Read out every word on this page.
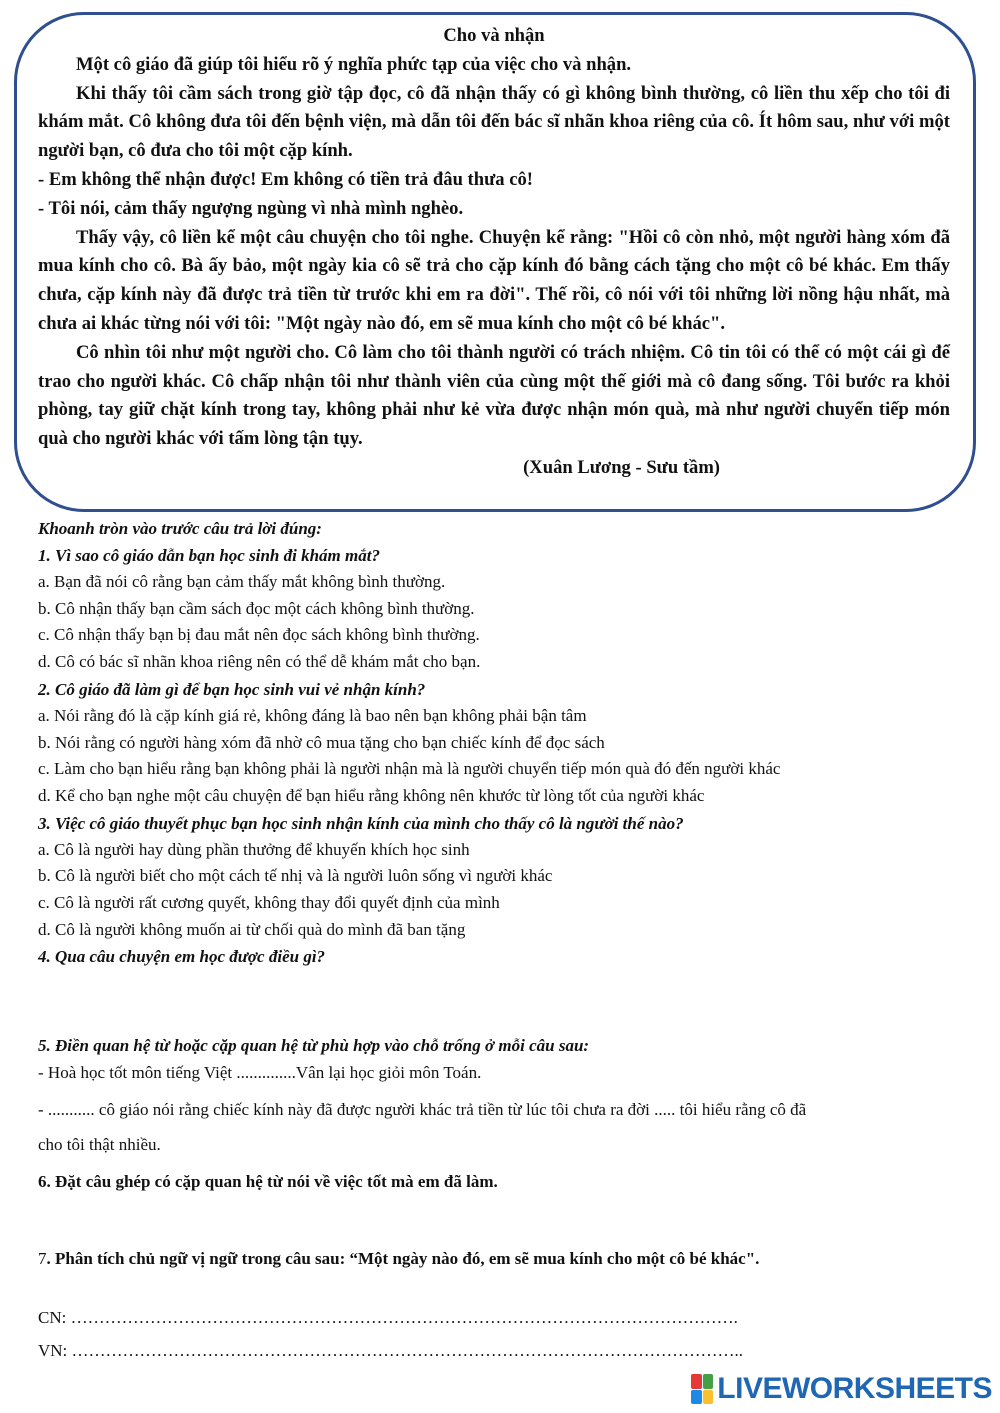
Cho và nhận

Một cô giáo đã giúp tôi hiểu rõ ý nghĩa phức tạp của việc cho và nhận.

Khi thấy tôi cầm sách trong giờ tập đọc, cô đã nhận thấy có gì không bình thường, cô liền thu xếp cho tôi đi khám mắt. Cô không đưa tôi đến bệnh viện, mà dẫn tôi đến bác sĩ nhãn khoa riêng của cô. Ít hôm sau, như với một người bạn, cô đưa cho tôi một cặp kính.

- Em không thể nhận được! Em không có tiền trả đâu thưa cô!

- Tôi nói, cảm thấy ngượng ngùng vì nhà mình nghèo.

Thấy vậy, cô liền kể một câu chuyện cho tôi nghe. Chuyện kể rằng: "Hồi cô còn nhỏ, một người hàng xóm đã mua kính cho cô. Bà ấy bảo, một ngày kia cô sẽ trả cho cặp kính đó bằng cách tặng cho một cô bé khác. Em thấy chưa, cặp kính này đã được trả tiền từ trước khi em ra đời". Thế rồi, cô nói với tôi những lời nồng hậu nhất, mà chưa ai khác từng nói với tôi: "Một ngày nào đó, em sẽ mua kính cho một cô bé khác".

Cô nhìn tôi như một người cho. Cô làm cho tôi thành người có trách nhiệm. Cô tin tôi có thể có một cái gì để trao cho người khác. Cô chấp nhận tôi như thành viên của cùng một thế giới mà cô đang sống. Tôi bước ra khỏi phòng, tay giữ chặt kính trong tay, không phải như kẻ vừa được nhận món quà, mà như người chuyển tiếp món quà cho người khác với tấm lòng tận tụy.

(Xuân Lương - Sưu tầm)

Khoanh tròn vào trước câu trả lời đúng:

1. Vì sao cô giáo dẫn bạn học sinh đi khám mắt?

a. Bạn đã nói cô rằng bạn cảm thấy mắt không bình thường.

b. Cô nhận thấy bạn cầm sách đọc một cách không bình thường.

c. Cô nhận thấy bạn bị đau mắt nên đọc sách không bình thường.

d. Cô có bác sĩ nhãn khoa riêng nên có thể dễ khám mắt cho bạn.

2. Cô giáo đã làm gì để bạn học sinh vui vẻ nhận kính?

a. Nói rằng đó là cặp kính giá rẻ, không đáng là bao nên bạn không phải bận tâm

b. Nói rằng có người hàng xóm đã nhờ cô mua tặng cho bạn chiếc kính để đọc sách

c. Làm cho bạn hiểu rằng bạn không phải là người nhận mà là người chuyển tiếp món quà đó đến người khác

d. Kể cho bạn nghe một câu chuyện để bạn hiểu rằng không nên khước từ lòng tốt của người khác

3. Việc cô giáo thuyết phục bạn học sinh nhận kính của mình cho thấy cô là người thế nào?

a. Cô là người hay dùng phần thưởng để khuyến khích học sinh

b. Cô là người biết cho một cách tế nhị và là người luôn sống vì người khác

c. Cô là người rất cương quyết, không thay đổi quyết định của mình

d. Cô là người không muốn ai từ chối quà do mình đã ban tặng

4. Qua câu chuyện em học được điều gì?

5. Điền quan hệ từ hoặc cặp quan hệ từ phù hợp vào chỗ trống ở mỗi câu sau:

- Hoà học tốt môn tiếng Việt ..............Vân lại học giỏi môn Toán.

- ........... cô giáo nói rằng chiếc kính này đã được người khác trả tiền từ lúc tôi chưa ra đời ..... tôi hiểu rằng cô đã

cho tôi thật nhiều.

6. Đặt câu ghép có cặp quan hệ từ nói về việc tốt mà em đã làm.

7. Phân tích chủ ngữ vị ngữ trong câu sau: “Một ngày nào đó, em sẽ mua kính cho một cô bé khác".

CN: ……………………………………………………………………………………………………….

VN: ………………………………………………………………………………………………………..

LIVEWORKSHEETS
